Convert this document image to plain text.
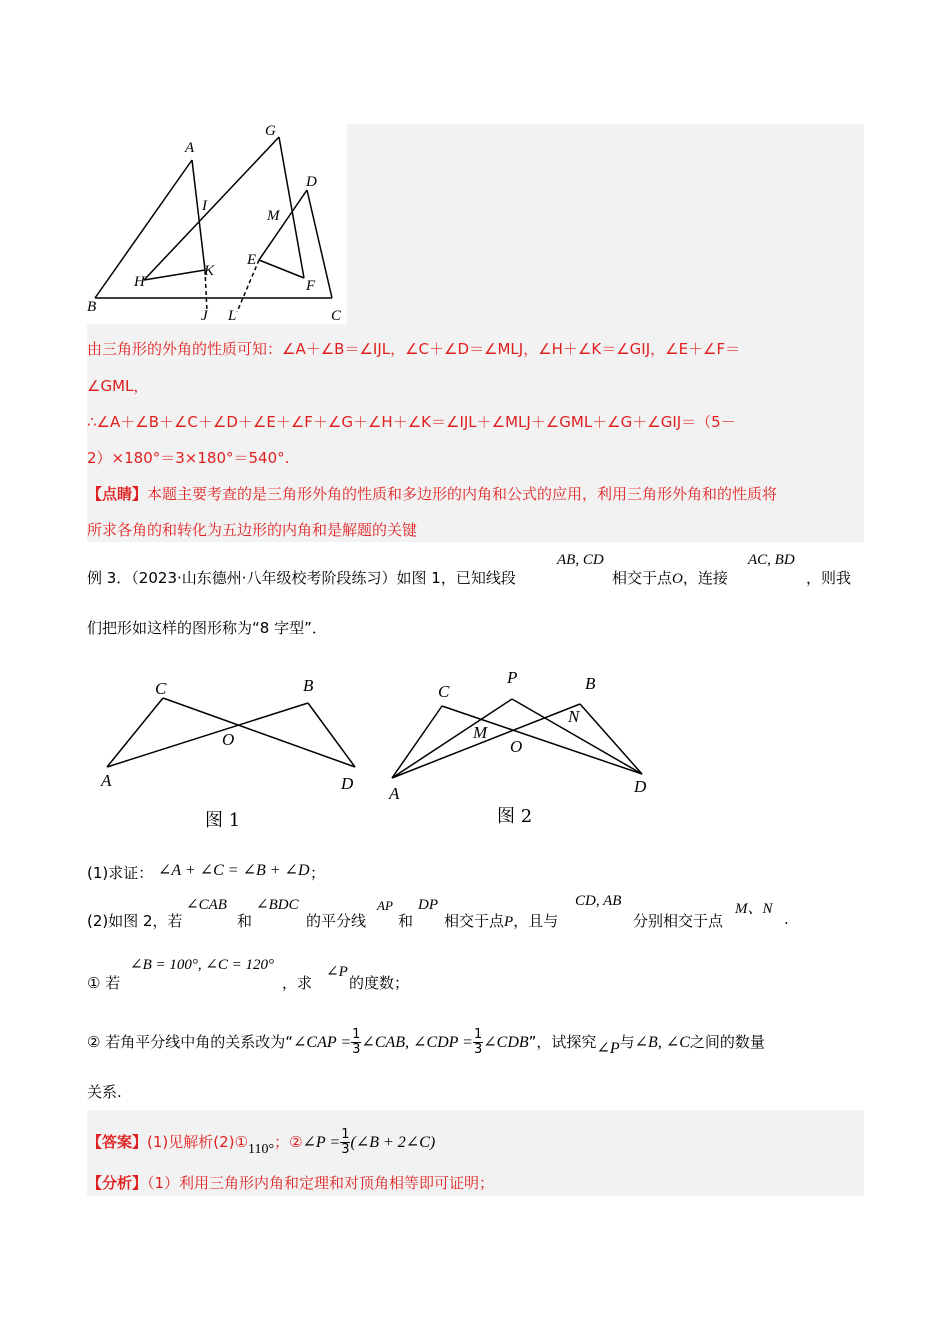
A
B
C
D
E
F
G
H
I
J
K
L
M
由三角形的外角的性质可知：∠A＋∠B＝∠IJL，∠C＋∠D＝∠MLJ，∠H＋∠K＝∠GIJ，∠E＋∠F＝
∠GML，
∴∠A＋∠B＋∠C＋∠D＋∠E＋∠F＋∠G＋∠H＋∠K＝∠IJL＋∠MLJ＋∠GML＋∠G＋∠GIJ＝（5－
2）×180°＝3×180°＝540°.
【点睛】本题主要考查的是三角形外角的性质和多边形的内角和公式的应用，利用三角形外角和的性质将
所求各角的和转化为五边形的内角和是解题的关键
例 3．（2023·山东德州·八年级校考阶段练习）如图 1，已知线段
AB, CD
相交于点O，连接
AC, BD
，则我
们把形如这样的图形称为“8 字型”．
A
B
C
D
O
图 1
A
B
C
D
O
P
M
N
图 2
(1)求证： ∠A + ∠C = ∠B + ∠D ；
(2)如图 2，若
∠CAB
和
∠BDC
的平分线
AP
和
DP
相交于点P，且与
CD, AB
分别相交于点
M、N
.
① 若
∠B = 100°, ∠C = 120°
，求
∠P
的度数；
② 若角平分线中角的关系改为“∠CAP = $\frac{1}{3}$ ∠CAB, ∠CDP = $\frac{1}{3}$ ∠CDB”，试探究∠P与∠B, ∠C之间的数量
关系.
【答案】(1)见解析(2)①110°；②∠P = $\frac{1}{3}$ (∠B + 2∠C)
【分析】（1）利用三角形内角和定理和对顶角相等即可证明；
